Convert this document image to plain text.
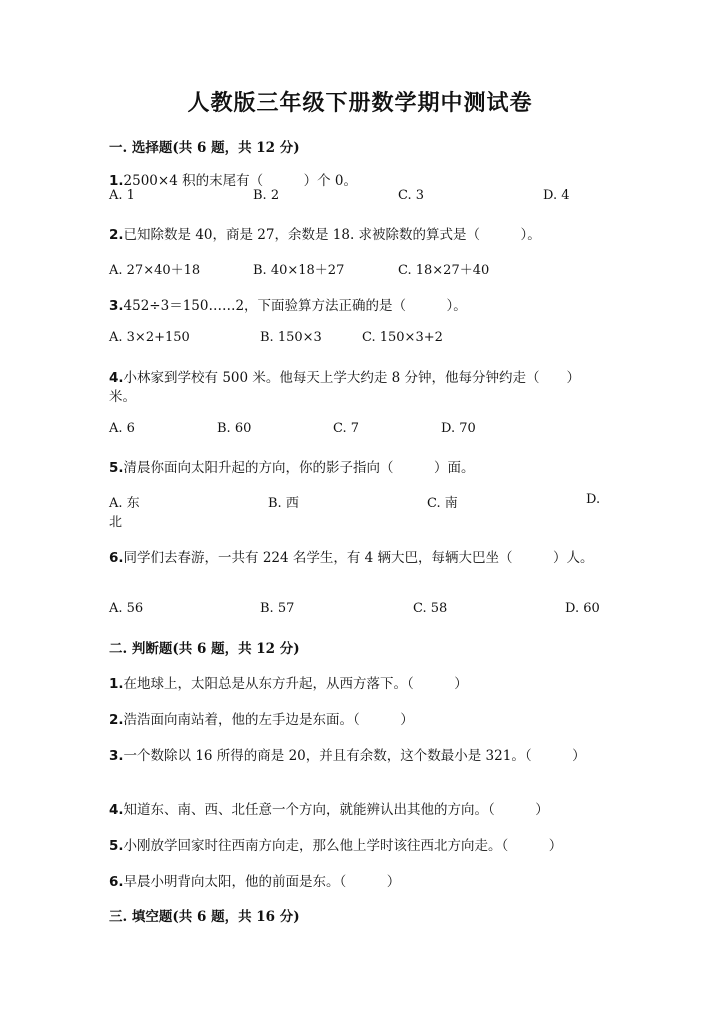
人教版三年级下册数学期中测试卷
一. 选择题(共 6 题，共 12 分)
1.2500×4 积的末尾有（　　　）个 0。
A. 1	B. 2	C. 3	D. 4
2.已知除数是 40，商是 27，余数是 18. 求被除数的算式是（　　　）。
A. 27×40＋18	B. 40×18＋27	C. 18×27＋40
3.452÷3＝150……2，下面验算方法正确的是（　　　）。
A. 3×2+150	B. 150×3	C. 150×3+2
4.小林家到学校有 500 米。他每天上学大约走 8 分钟，他每分钟约走（　　）
米。
A. 6	B. 60	C. 7	D. 70
5.清晨你面向太阳升起的方向，你的影子指向（　　　）面。
A. 东	B. 西	C. 南	D.
北
6.同学们去春游，一共有 224 名学生，有 4 辆大巴，每辆大巴坐（　　　）人。
A. 56	B. 57	C. 58	D. 60
二. 判断题(共 6 题，共 12 分)
1.在地球上，太阳总是从东方升起，从西方落下。（　　　）
2.浩浩面向南站着，他的左手边是东面。（　　　）
3.一个数除以 16 所得的商是 20，并且有余数，这个数最小是 321。（　　　）
4.知道东、南、西、北任意一个方向，就能辨认出其他的方向。（　　　）
5.小刚放学回家时往西南方向走，那么他上学时该往西北方向走。（　　　）
6.早晨小明背向太阳，他的前面是东。（　　　）
三. 填空题(共 6 题，共 16 分)
